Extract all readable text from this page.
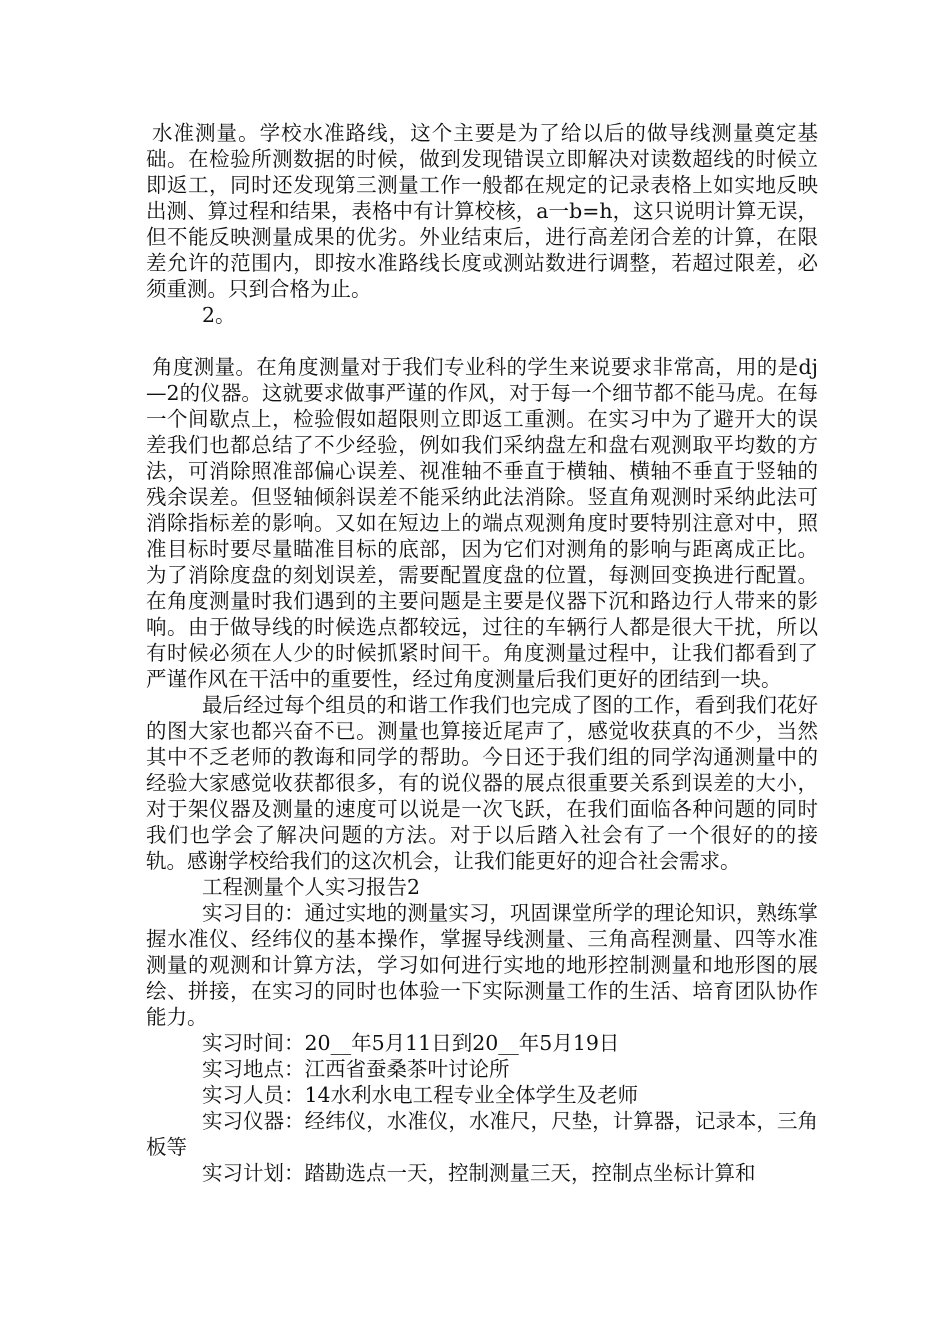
水准测量。学校水准路线，这个主要是为了给以后的做导线测量奠定基础。在检验所测数据的时候，做到发现错误立即解决对读数超线的时候立即返工，同时还发现第三测量工作一般都在规定的记录表格上如实地反映出测、算过程和结果，表格中有计算校核，a一b=h，这只说明计算无误，但不能反映测量成果的优劣。外业结束后，进行高差闭合差的计算，在限差允许的范围内，即按水准路线长度或测站数进行调整，若超过限差，必须重测。只到合格为止。

2。

角度测量。在角度测量对于我们专业科的学生来说要求非常高，用的是dj—2的仪器。这就要求做事严谨的作风，对于每一个细节都不能马虎。在每一个间歇点上，检验假如超限则立即返工重测。在实习中为了避开大的误差我们也都总结了不少经验，例如我们采纳盘左和盘右观测取平均数的方法，可消除照准部偏心误差、视准轴不垂直于横轴、横轴不垂直于竖轴的残余误差。但竖轴倾斜误差不能采纳此法消除。竖直角观测时采纳此法可消除指标差的影响。又如在短边上的端点观测角度时要特别注意对中，照准目标时要尽量瞄准目标的底部，因为它们对测角的影响与距离成正比。为了消除度盘的刻划误差，需要配置度盘的位置，每测回变换进行配置。在角度测量时我们遇到的主要问题是主要是仪器下沉和路边行人带来的影响。由于做导线的时候选点都较远，过往的车辆行人都是很大干扰，所以有时候必须在人少的时候抓紧时间干。角度测量过程中，让我们都看到了严谨作风在干活中的重要性，经过角度测量后我们更好的团结到一块。

最后经过每个组员的和谐工作我们也完成了图的工作，看到我们花好的图大家也都兴奋不已。测量也算接近尾声了，感觉收获真的不少，当然其中不乏老师的教诲和同学的帮助。今日还于我们组的同学沟通测量中的经验大家感觉收获都很多，有的说仪器的展点很重要关系到误差的大小，对于架仪器及测量的速度可以说是一次飞跃，在我们面临各种问题的同时我们也学会了解决问题的方法。对于以后踏入社会有了一个很好的的接轨。感谢学校给我们的这次机会，让我们能更好的迎合社会需求。

工程测量个人实习报告2

实习目的：通过实地的测量实习，巩固课堂所学的理论知识，熟练掌握水准仪、经纬仪的基本操作，掌握导线测量、三角高程测量、四等水准测量的观测和计算方法，学习如何进行实地的地形控制测量和地形图的展绘、拼接，在实习的同时也体验一下实际测量工作的生活、培育团队协作能力。

实习时间：20__年5月11日到20__年5月19日

实习地点：江西省蚕桑茶叶讨论所

实习人员：14水利水电工程专业全体学生及老师

实习仪器：经纬仪，水准仪，水准尺，尺垫，计算器，记录本，三角板等

实习计划：踏勘选点一天，控制测量三天，控制点坐标计算和
